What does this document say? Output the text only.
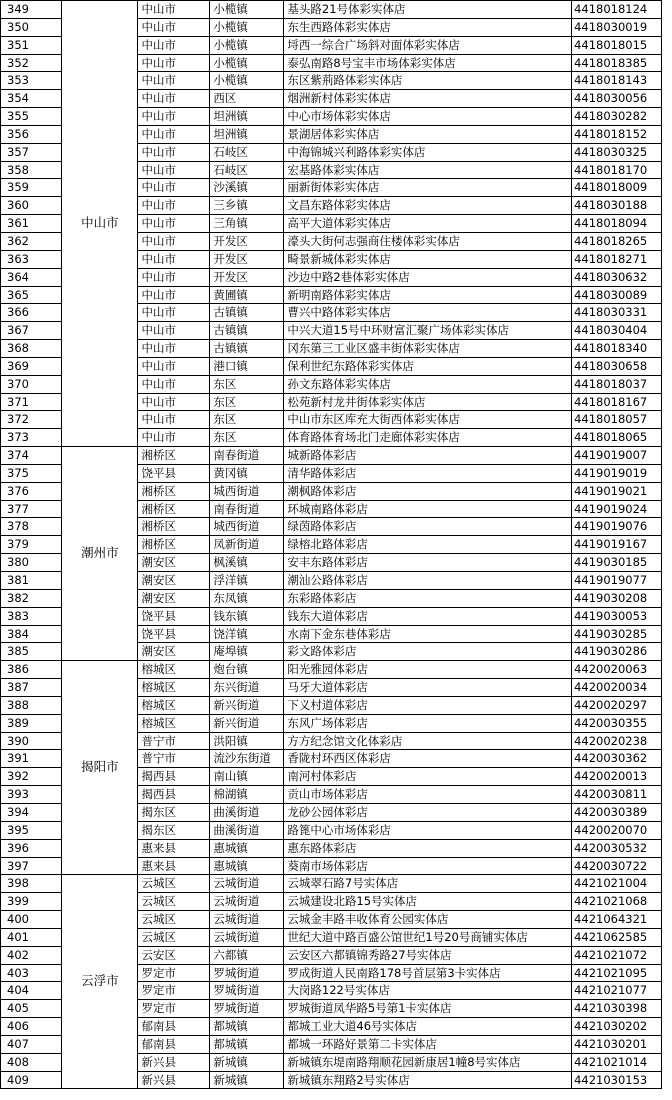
349	中山市	中山市	小榄镇	基头路21号体彩实体店	4418018124
350		中山市	小榄镇	东生西路体彩实体店	4418030019
351		中山市	小榄镇	埒西一综合广场斜对面体彩实体店	4418018015
352		中山市	小榄镇	泰弘南路8号宝丰市场体彩实体店	4418018385
353		中山市	小榄镇	东区紫荊路体彩实体店	4418018143
354		中山市	西区	烟洲新村体彩实体店	4418030056
355		中山市	坦洲镇	中心市场体彩实体店	4418030282
356		中山市	坦洲镇	景湖居体彩实体店	4418018152
357		中山市	石岐区	中海锦城兴利路体彩实体店	4418030325
358		中山市	石岐区	宏基路体彩实体店	4418018170
359		中山市	沙溪镇	丽新街体彩实体店	4418018009
360		中山市	三乡镇	文昌东路体彩实体店	4418030188
361		中山市	三角镇	高平大道体彩实体店	4418018094
362		中山市	开发区	濠头大街何志强商住楼体彩实体店	4418018265
363		中山市	开发区	畸景新城体彩实体店	4418018271
364		中山市	开发区	沙边中路2巷体彩实体店	4418030632
365		中山市	黄圃镇	新明南路体彩实体店	4418030089
366		中山市	古镇镇	曹兴中路体彩实体店	4418030331
367		中山市	古镇镇	中兴大道15号中环财富汇聚广场体彩实体店	4418030404
368		中山市	古镇镇	冈东第三工业区盛丰街体彩实体店	4418018340
369		中山市	港口镇	保利世纪东路体彩实体店	4418030658
370		中山市	东区	孙文东路体彩实体店	4418018037
371		中山市	东区	松苑新村龙井街体彩实体店	4418018167
372		中山市	东区	中山市东区库充大街西体彩实体店	4418018057
373		中山市	东区	体育路体育场北门走廊体彩实体店	4418018065
374	潮州市	湘桥区	南春街道	城新路体彩店	4419019007
375		饶平县	黄冈镇	清华路体彩店	4419019019
376		湘桥区	城西街道	潮枫路体彩店	4419019021
377		湘桥区	南春街道	环城南路体彩店	4419019024
378		湘桥区	城西街道	绿茵路体彩店	4419019076
379		湘桥区	凤新街道	绿榕北路体彩店	4419019167
380		潮安区	枫溪镇	安丰东路体彩店	4419030185
381		潮安区	浮洋镇	潮汕公路体彩店	4419019077
382		潮安区	东凤镇	东彩路体彩店	4419030208
383		饶平县	钱东镇	钱东大道体彩店	4419030053
384		饶平县	饶洋镇	水南下金东巷体彩店	4419030285
385		潮安区	庵埠镇	彩文路体彩店	4419030286
386	揭阳市	榕城区	炮台镇	阳光雅园体彩店	4420020063
387		榕城区	东兴街道	马牙大道体彩店	4420020034
388		榕城区	新兴街道	下义村道体彩店	4420020297
389		榕城区	新兴街道	东风广场体彩店	4420030355
390		普宁市	洪阳镇	方方纪念馆文化体彩店	4420020238
391		普宁市	流沙东街道	香陇村环西区体彩店	4420030362
392		揭西县	南山镇	南河村体彩店	4420020013
393		揭西县	棉湖镇	贡山市场体彩店	4420030811
394		揭东区	曲溪街道	龙砂公园体彩店	4420030389
395		揭东区	曲溪街道	路篦中心市场体彩店	4420020070
396		惠来县	惠城镇	惠东路体彩店	4420030532
397		惠来县	惠城镇	葵南市场体彩店	4420030722
398	云浮市	云城区	云城街道	云城翠石路7号实体店	4421021004
399		云城区	云城街道	云城建设北路15号实体店	4421021068
400		云城区	云城街道	云城金丰路丰收体育公园实体店	4421064321
401		云城区	云城街道	世纪大道中路百盛公馆世纪1号20号商铺实体店	4421062585
402		云安区	六都镇	云安区六都镇锦秀路27号实体店	4421021072
403		罗定市	罗城街道	罗成街道人民南路178号首层第3卡实体店	4421021095
404		罗定市	罗城街道	大岗路122号实体店	4421021077
405		罗定市	罗城街道	罗城街道凤华路5号第1卡实体店	4421030398
406		郁南县	都城镇	都城工业大道46号实体店	4421030202
407		郁南县	都城镇	都城一环路好景第二卡实体店	4421030201
408		新兴县	新城镇	新城镇东堤南路翔顺花园新康居1幢8号实体店	4421021014
409		新兴县	新城镇	新城镇东翔路2号实体店	4421030153
